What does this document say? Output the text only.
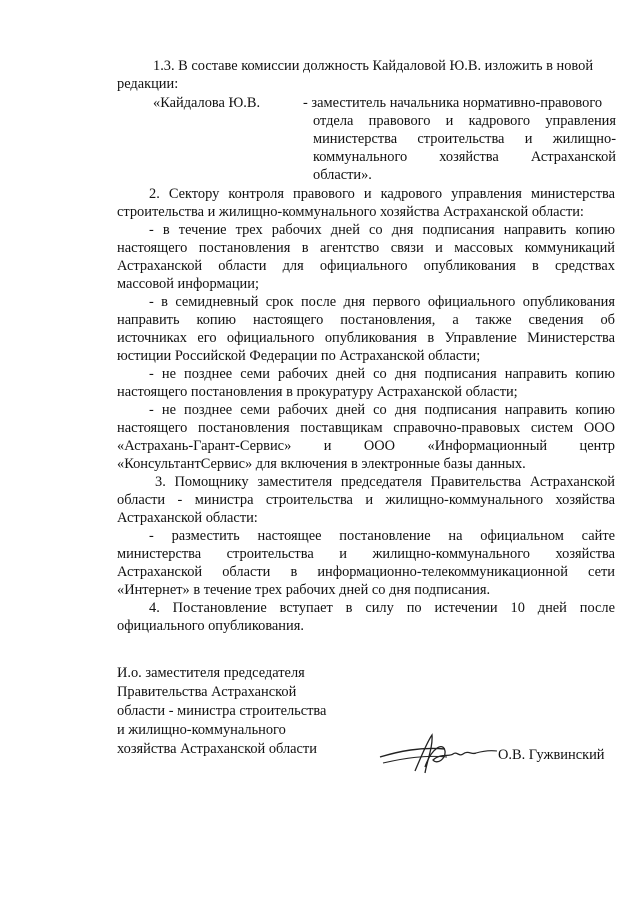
1.3. В составе комиссии должность Кайдаловой Ю.В. изложить в новой
редакции:
«Кайдалова Ю.В.	- заместитель начальника нормативно-правового
отдела правового и кадрового управления
министерства строительства и жилищно-
коммунального хозяйства Астраханской
области».
2. Сектору контроля правового и кадрового управления министерства
строительства и жилищно-коммунального хозяйства Астраханской области:
- в течение трех рабочих дней со дня подписания направить копию
настоящего постановления в агентство связи и массовых коммуникаций
Астраханской области для официального опубликования в средствах
массовой информации;
- в семидневный срок после дня первого официального опубликования
направить копию настоящего постановления, а также сведения об
источниках его официального опубликования в Управление Министерства
юстиции Российской Федерации по Астраханской области;
- не позднее семи рабочих дней со дня подписания направить копию
настоящего постановления в прокуратуру Астраханской области;
- не позднее семи рабочих дней со дня подписания направить копию
настоящего постановления поставщикам справочно-правовых систем ООО
«Астрахань-Гарант-Сервис» и ООО «Информационный центр
«КонсультантСервис» для включения в электронные базы данных.
3. Помощнику заместителя председателя Правительства Астраханской
области - министра строительства и жилищно-коммунального хозяйства
Астраханской области:
- разместить настоящее постановление на официальном сайте
министерства строительства и жилищно-коммунального хозяйства
Астраханской области в информационно-телекоммуникационной сети
«Интернет» в течение трех рабочих дней со дня подписания.
4. Постановление вступает в силу по истечении 10 дней после
официального опубликования.
И.о. заместителя председателя
Правительства Астраханской
области - министра строительства
и жилищно-коммунального
хозяйства Астраханской области	О.В. Гужвинский
